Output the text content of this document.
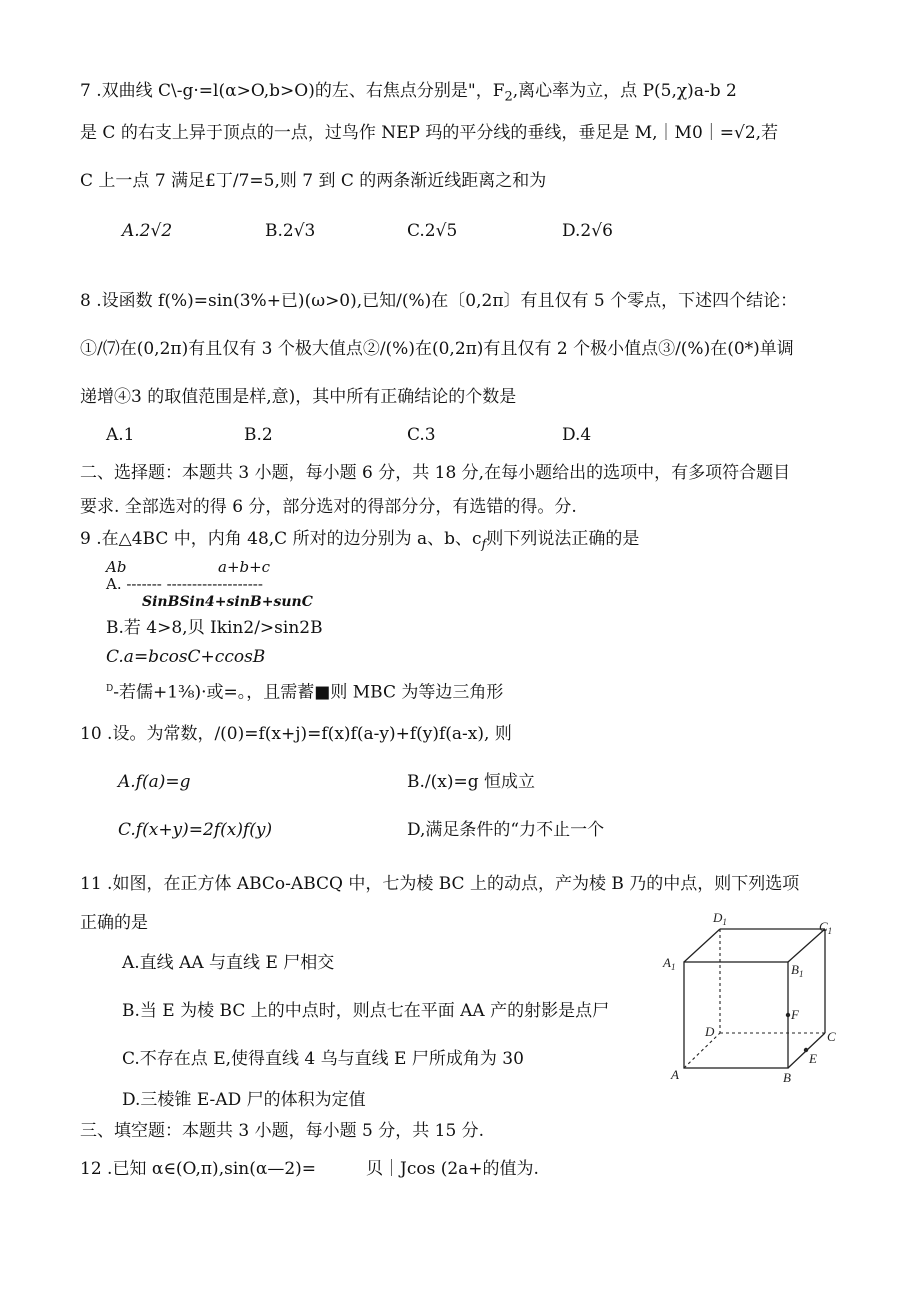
7 .双曲线 C\-g·=l(α>O,b>O)的左、右焦点分别是"，$F_2$,离心率为立，点 P(5,χ)a-b 2
是 C 的右支上异于顶点的一点，过鸟作 NEP 玛的平分线的垂线，垂足是 M,｜M0｜=√2,若
C 上一点 7 满足£丁/7=5,则 7 到 C 的两条渐近线距离之和为
A.2√2	B.2√3	C.2√5	D.2√6
8 .设函数 f(%)=sin(3%+已)(ω>0),已知/(%)在〔0,2π〕有且仅有 5 个零点，下述四个结论：
①/⑺在(0,2π)有且仅有 3 个极大值点②/(%)在(0,2π)有且仅有 2 个极小值点③/(%)在(0*)单调
递增④3 的取值范围是样,意)，其中所有正确结论的个数是
A.1	B.2	C.3	D.4
二、选择题：本题共 3 小题，每小题 6 分，共 18 分,在每小题给出的选项中，有多项符合题目
要求. 全部选对的得 6 分，部分选对的得部分分，有选错的得。分.
9 .在△4BC 中，内角 48,C 所对的边分别为 a、b、$c_f$则下列说法正确的是
Ab	a+b+c
A. ------- -------------------
SinBSin4+sinB+sunC
B.若 4>8,贝 Ikin2/>sin2B
C.a=bcosC+ccosB
$^D$-若儒+1⅜)·或=。，且需蓄■则 MBC 为等边三角形
10 .设。为常数，/(0)=f(x+j)=f(x)f(a-y)+f(y)f(a-x), 则
A.f(a)=g	B./(x)=g 恒成立
C.f(x+y)=2f(x)f(y)	D,满足条件的“力不止一个
11 .如图，在正方体 ABCo-ABCQ 中，七为棱 BC 上的动点，产为棱 B 乃的中点，则下列选项
正确的是
A.直线 AA 与直线 E 尸相交
B.当 E 为棱 BC 上的中点时，则点七在平面 AA 产的射影是点尸
C.不存在点 E,使得直线 4 乌与直线 E 尸所成角为 30
D.三棱锥 E-AD 尸的体积为定值
$D_1$	$C_1$
$A_1$	$B_1$
F
D	C
E
A	B
三、填空题：本题共 3 小题，每小题 5 分，共 15 分.
12 .已知 α∈(O,π),sin(α—2)=	贝｜Jcos (2a+的值为.
